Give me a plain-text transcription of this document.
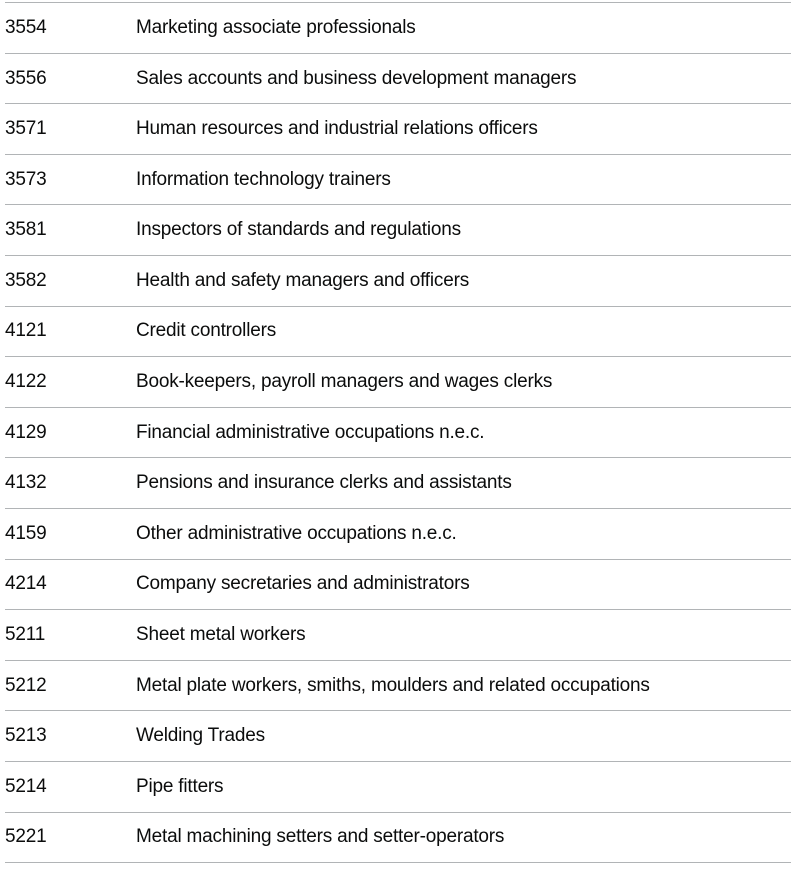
3554	Marketing associate professionals
3556	Sales accounts and business development managers
3571	Human resources and industrial relations officers
3573	Information technology trainers
3581	Inspectors of standards and regulations
3582	Health and safety managers and officers
4121	Credit controllers
4122	Book-keepers, payroll managers and wages clerks
4129	Financial administrative occupations n.e.c.
4132	Pensions and insurance clerks and assistants
4159	Other administrative occupations n.e.c.
4214	Company secretaries and administrators
5211	Sheet metal workers
5212	Metal plate workers, smiths, moulders and related occupations
5213	Welding Trades
5214	Pipe fitters
5221	Metal machining setters and setter-operators
